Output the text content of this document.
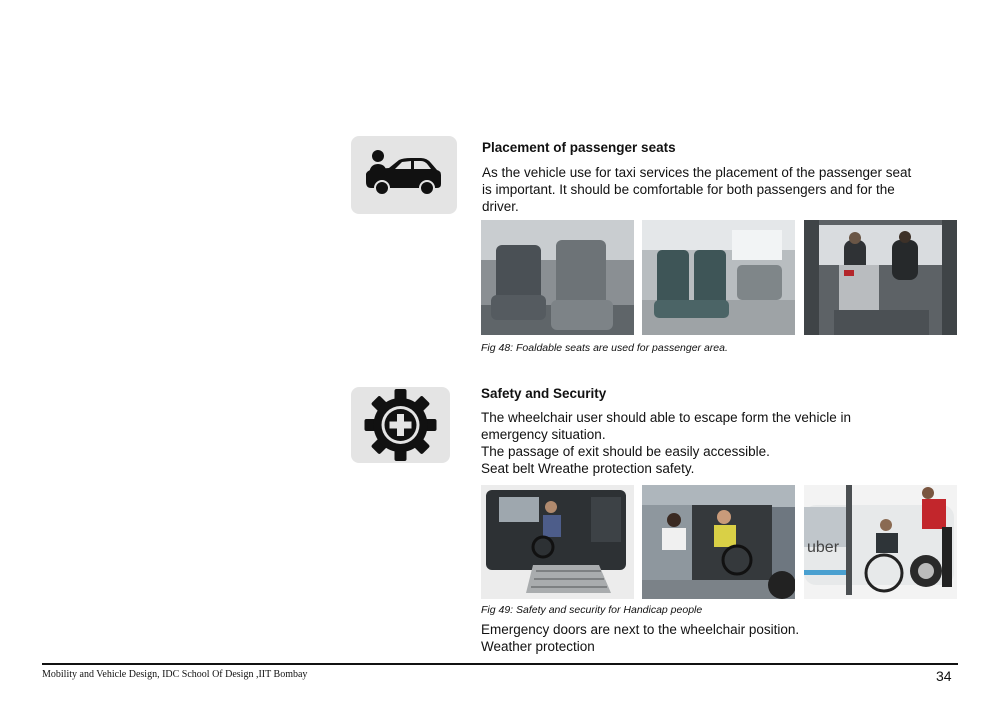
Placement of passenger seats
As the vehicle use for taxi services the placement of the passenger seat is important. It should be comfortable for both passengers and for the driver.
Fig 48: Foaldable seats are used for passenger area.
Safety and Security
The wheelchair user should able to escape form the vehicle in emergency situation.
The passage of exit should be easily accessible.
Seat belt Wreathe protection safety.
uber
Fig 49: Safety and security for Handicap people
Emergency doors are next to the wheelchair position.
Weather protection
Mobility and Vehicle Design, IDC School Of Design ,IIT Bombay	34
